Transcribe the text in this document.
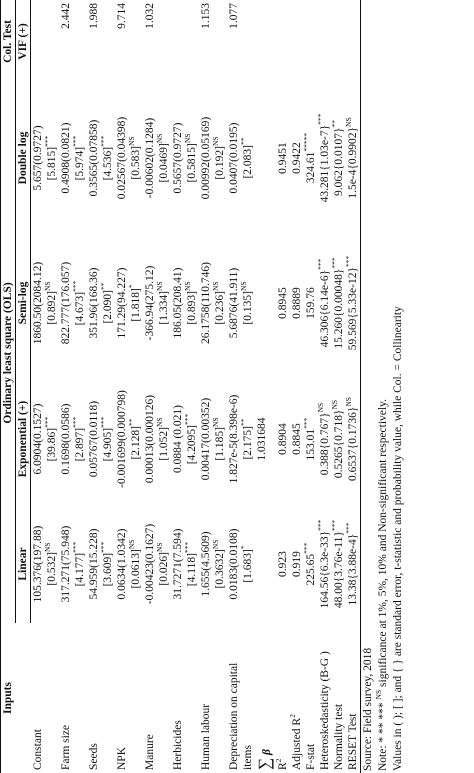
Inputs	Ordinary least square (OLS)				Col. Test
	Linear	Exponential (+)	Semi-log	Double log	VIF (+)
Constant	105.376(197.88)	6.0904(0.1527)	1860.50(2084.12)	5.657(0.9727)	
	$[0.532]^{NS}$	[39.86]***	$[0.892]^{NS}$	[5.815]***
Farm size	317.271(75.948)	0.1698(0.0586)	822.777(176.057)	0.4908(0.0821)	2.442
	[4.177]***	[2.897]***	[4.673]***	[5.974]***
Seeds	54.959(15.228)	0.05767(0.0118)	351.96(168.36)	0.3565(0.07858)	1.988
	[3.609]***	[4.905]***	[2.090]**	[4.536]***
NPK	0.0634(1.0342)	-0.001699(0.000798)	171.29(94.227)	0.02567(0.04398)	9.714
	$[0.0613]^{NS}$	[2.128]**	[1.818]*	$[0.583]^{NS}$
Manure	-0.00423(0.1627)	0.00013(0.000126)	-366.94(275.12)	-0.00602(0.1284)	1.032
	$[0.026]^{NS}$	$[1.052]^{NS}$	$[1.334]^{NS}$	$[0.0469]^{NS}$
Herbicides	31.7271(7.594)	0.0884 (0.021)	186.05(208.41)	0.5657(0.9727)	
	[4.118]***	[4.2095]***	$[0.893]^{NS}$	$[0.5815]^{NS}$
Human labour	1.655(4.5609)	0.00417(0.00352)	26.1758(110.746)	0.00992(0.05169)	1.153
	$[0.3632]^{NS}$	$[1.185]^{NS}$	$[0.236]^{NS}$	$[0.192]^{NS}$
Depreciation on capital	0.0183(0.0108)	1.827e-5(8.398e-6)	5.6876(41.911)	0.0407(0.0195)	1.077
items	[1.683]*	[2.175]**	$[0.135]^{NS}$	[2.083]**
∑ β		1.031684			
$R^2$	0.923	0.8904	0.8945	0.9451	
Adjusted $R^2$	0.919	0.8845	0.8889	0.9422	
F-stat	225.65***	153.01***	159.76	324.61*****	
Heteroskedasticity (B-G )	164.56{6.3e-33}***	$0.388\{0.767\}^{NS}$	46.306{6.14e-6}***	43.281{1.03e-7}***	
Normality test	48.00{3.76e-11}***	$0.5265\{0.718\}^{NS}$	15.260{0.00048}***	9.062{0.0107}**	
RESET Test	13.38{3.88e-4}***	$0.6537\{0.1736\}^{NS}$	59.569{5.33e-12}***	$1.5e-4\{0.9902\}^{NS}$	
Source: Field survey, 2018 Note: * ** *** $^{NS}$ significance at 1%, 5%, 10% and Non-significant respectively. Values in ( ); [ ]; and { } are standard error, t-statistic and probability value, while Col. = Collinearity
